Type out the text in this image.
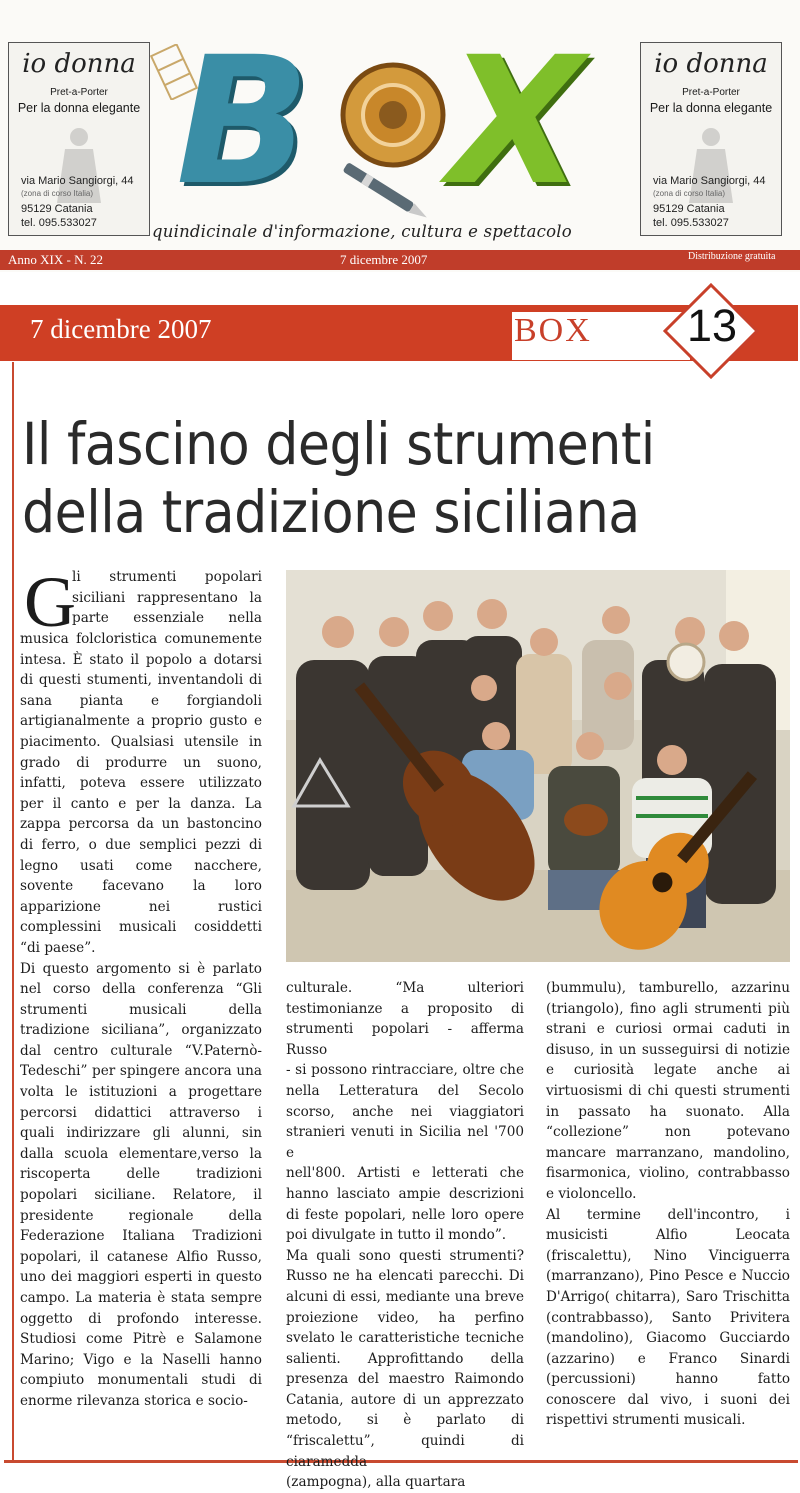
io donna
Pret-a-Porter
Per la donna elegante
via Mario Sangiorgi, 44
(zona di corso Italia)
95129 Catania
tel. 095.533027
io donna
Pret-a-Porter
Per la donna elegante
via Mario Sangiorgi, 44
(zona di corso Italia)
95129 Catania
tel. 095.533027
B X
quindicinale d'informazione, cultura e spettacolo
Anno XIX - N. 22	7 dicembre 2007	Distribuzione gratuita
7 dicembre 2007	BOX	13
Il fascino degli strumenti
della tradizione siciliana
G

li strumenti popolari

siciliani rappresentano la

parte essenziale nella

musica folcloristica comunemente

intesa. È stato il popolo a dotarsi

di questi stumenti, inventandoli di

sana pianta e forgiandoli

artigianalmente a proprio gusto e

piacimento. Qualsiasi utensile in

grado di produrre un suono,

infatti, poteva essere utilizzato

per il canto e per la danza. La

zappa percorsa da un bastoncino

di ferro, o due semplici pezzi di

legno usati come nacchere,

sovente facevano la loro

apparizione nei rustici

complessini musicali cosiddetti

“di paese”.

Di questo argomento si è parlato

nel corso della conferenza “Gli

strumenti musicali della

tradizione siciliana”, organizzato

dal centro culturale “V.Paternò-

Tedeschi” per spingere ancora una

volta le istituzioni a progettare

percorsi didattici attraverso i

quali indirizzare gli alunni, sin

dalla scuola elementare,verso la

riscoperta delle tradizioni

popolari siciliane. Relatore, il

presidente regionale della

Federazione Italiana Tradizioni

popolari, il catanese Alfio Russo,

uno dei maggiori esperti in questo

campo. La materia è stata sempre

oggetto di profondo interesse.

Studiosi come Pitrè e Salamone

Marino; Vigo e la Naselli hanno

compiuto monumentali studi di

enorme rilevanza storica e socio-

culturale. “Ma ulteriori

testimonianze a proposito di

strumenti popolari - afferma Russo

- si possono rintracciare, oltre che

nella Letteratura del Secolo

scorso, anche nei viaggiatori

stranieri venuti in Sicilia nel '700 e

nell'800. Artisti e letterati che

hanno lasciato ampie descrizioni

di feste popolari, nelle loro opere

poi divulgate in tutto il mondo”.

Ma quali sono questi strumenti?

Russo ne ha elencati parecchi. Di

alcuni di essi, mediante una breve

proiezione video, ha perfino

svelato le caratteristiche tecniche

salienti. Approfittando della

presenza del maestro Raimondo

Catania, autore di un apprezzato

metodo, si è parlato di

“friscalettu”, quindi di ciaramedda

(zampogna), alla quartara

(bummulu), tamburello, azzarinu

(triangolo), fino agli strumenti più

strani e curiosi ormai caduti in

disuso, in un susseguirsi di notizie

e curiosità legate anche ai

virtuosismi di chi questi strumenti

in passato ha suonato. Alla

“collezione” non potevano

mancare marranzano, mandolino,

fisarmonica, violino, contrabbasso

e violoncello.

Al termine dell'incontro, i

musicisti Alfio Leocata

(friscalettu), Nino Vinciguerra

(marranzano), Pino Pesce e Nuccio

D'Arrigo( chitarra), Saro Trischitta

(contrabbasso), Santo Privitera

(mandolino), Giacomo Gucciardo

(azzarino) e Franco Sinardi

(percussioni) hanno fatto

conoscere dal vivo, i suoni dei

rispettivi strumenti musicali.
